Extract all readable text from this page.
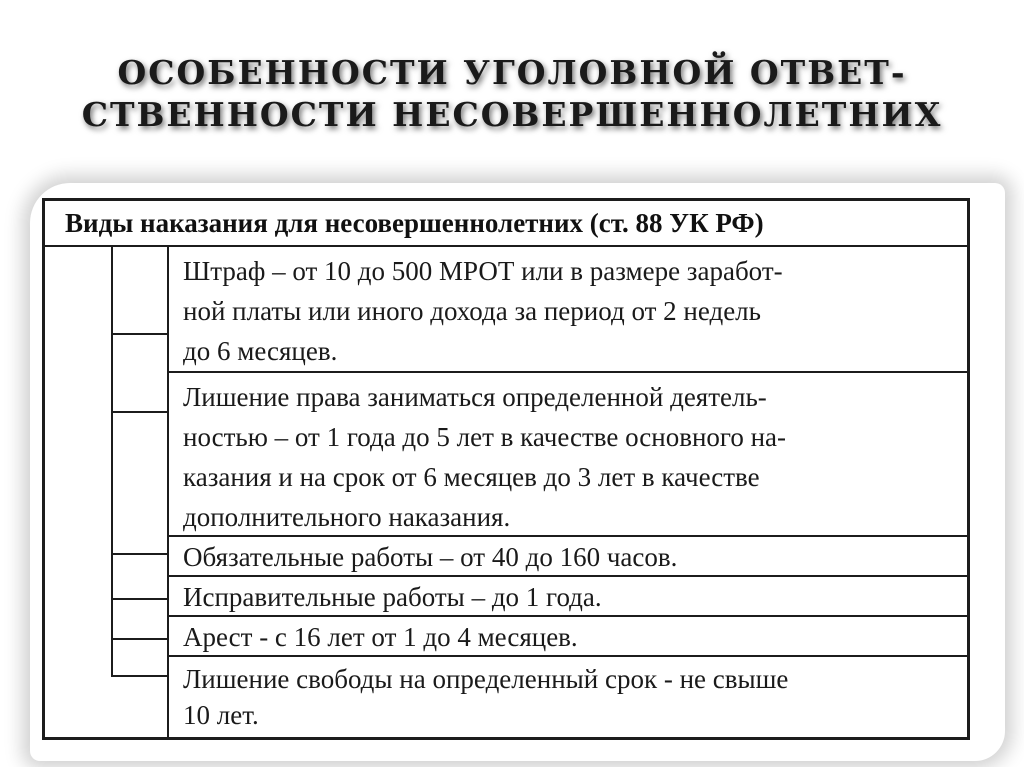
ОСОБЕННОСТИ УГОЛОВНОЙ ОТВЕТ-
СТВЕННОСТИ НЕСОВЕРШЕННОЛЕТНИХ
Виды наказания для несовершеннолетних (ст. 88 УК РФ)
Штраф – от 10 до 500 МРОТ или в размере заработ-
ной платы или иного дохода за период от 2 недель
до 6 месяцев.
Лишение права заниматься определенной деятель-
ностью – от 1 года до 5 лет в качестве основного на-
казания и на срок от 6 месяцев до 3 лет в качестве
дополнительного наказания.
Обязательные работы – от 40 до 160 часов.
Исправительные работы – до 1 года.
Арест - с 16 лет от 1 до 4 месяцев.
Лишение свободы на определенный срок - не свыше
10 лет.
